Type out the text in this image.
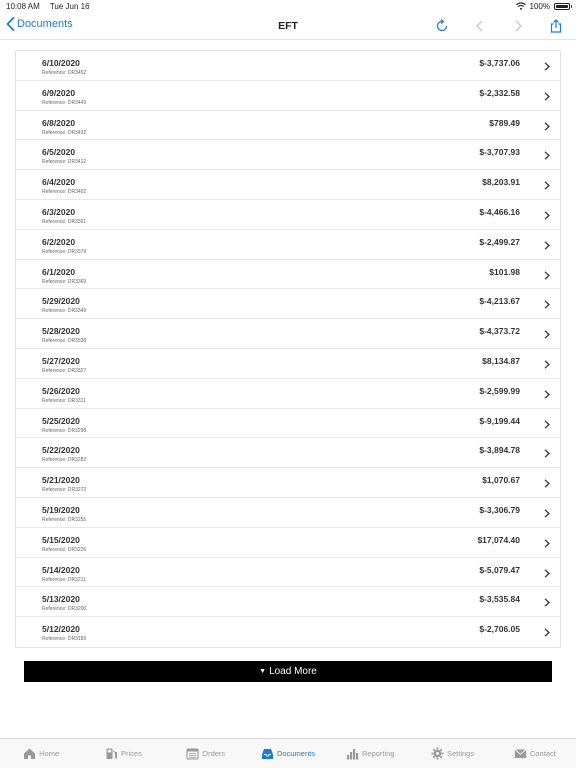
10:08 AM Tue Jun 16	100%
Documents	EFT
6/10/2020
Reference: DR3452
$-3,737.06
6/9/2020
Reference: DR3443
$-2,332.58
6/8/2020
Reference: DR3432
$789.49
6/5/2020
Reference: DR3412
$-3,707.93
6/4/2020
Reference: DR3402
$8,203.91
6/3/2020
Reference: DR3391
$-4,466.16
6/2/2020
Reference: DR3379
$-2,499.27
6/1/2020
Reference: DR3369
$101.98
5/29/2020
Reference: DR3349
$-4,213.67
5/28/2020
Reference: DR3338
$-4,373.72
5/27/2020
Reference: DR3327
$8,134.87
5/26/2020
Reference: DR3311
$-2,599.99
5/25/2020
Reference: DR3298
$-9,199.44
5/22/2020
Reference: DR3282
$-3,894.78
5/21/2020
Reference: DR3272
$1,070.67
5/19/2020
Reference: DR3255
$-3,306.79
5/15/2020
Reference: DR3226
$17,074.40
5/14/2020
Reference: DR3211
$-5,079.47
5/13/2020
Reference: DR3200
$-3,535.84
5/12/2020
Reference: DR3189
$-2,706.05
▼ Load More
Home	Prices	Orders	Documents	Reporting	Settings	Contact
